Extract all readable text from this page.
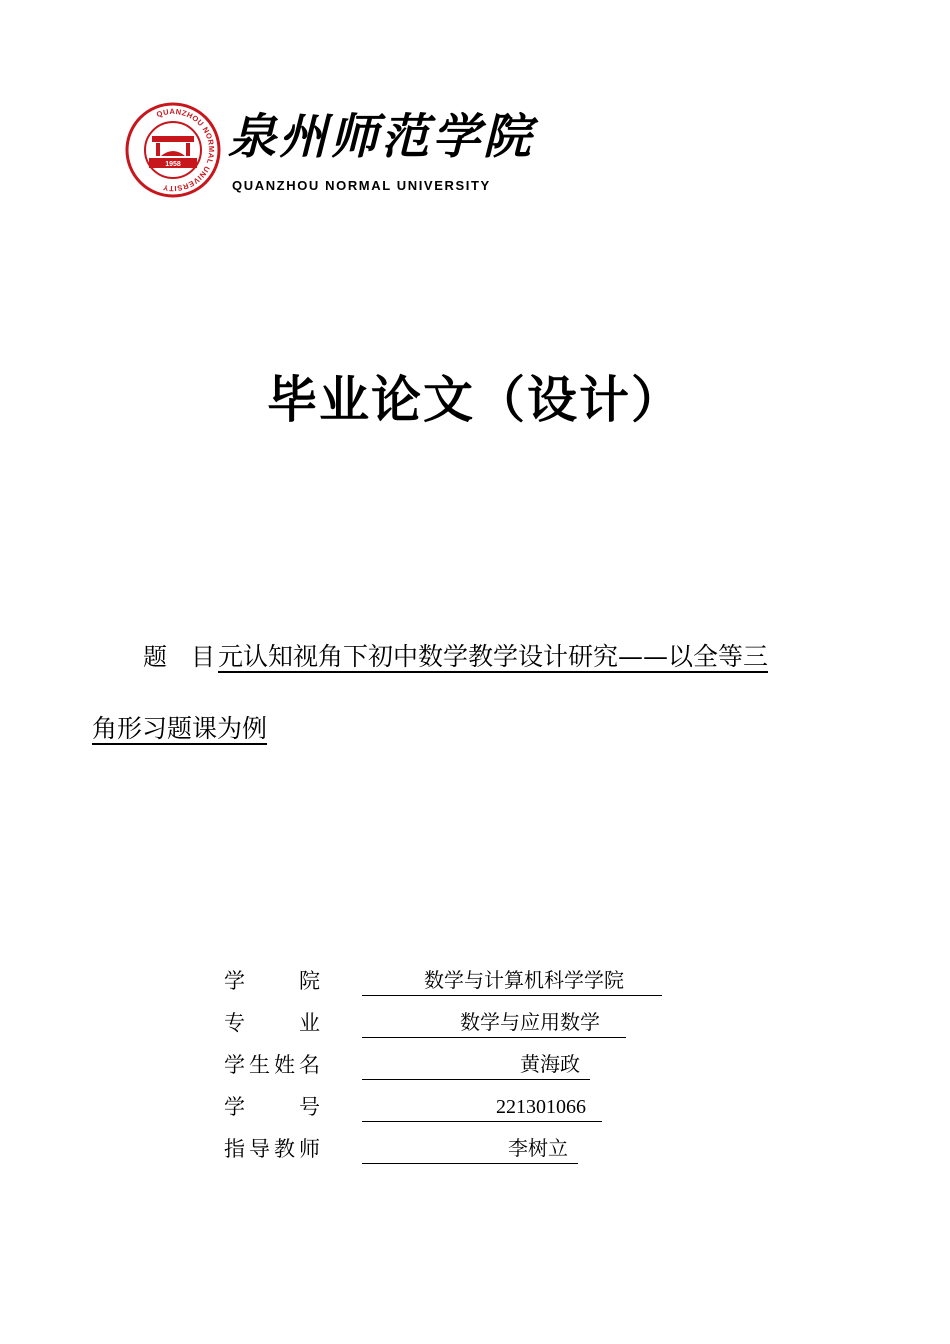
QUANZHOU NORMAL UNIVERSITY
1958 泉州师范学院
QUANZHOU NORMAL UNIVERSITY
毕业论文（设计）
题　目 元认知视角下初中数学教学设计研究——以全等三
角形习题课为例
学　　院	数学与计算机科学学院
专　　业	数学与应用数学
学生姓名	黄海政
学　　号	221301066
指导教师	李树立
